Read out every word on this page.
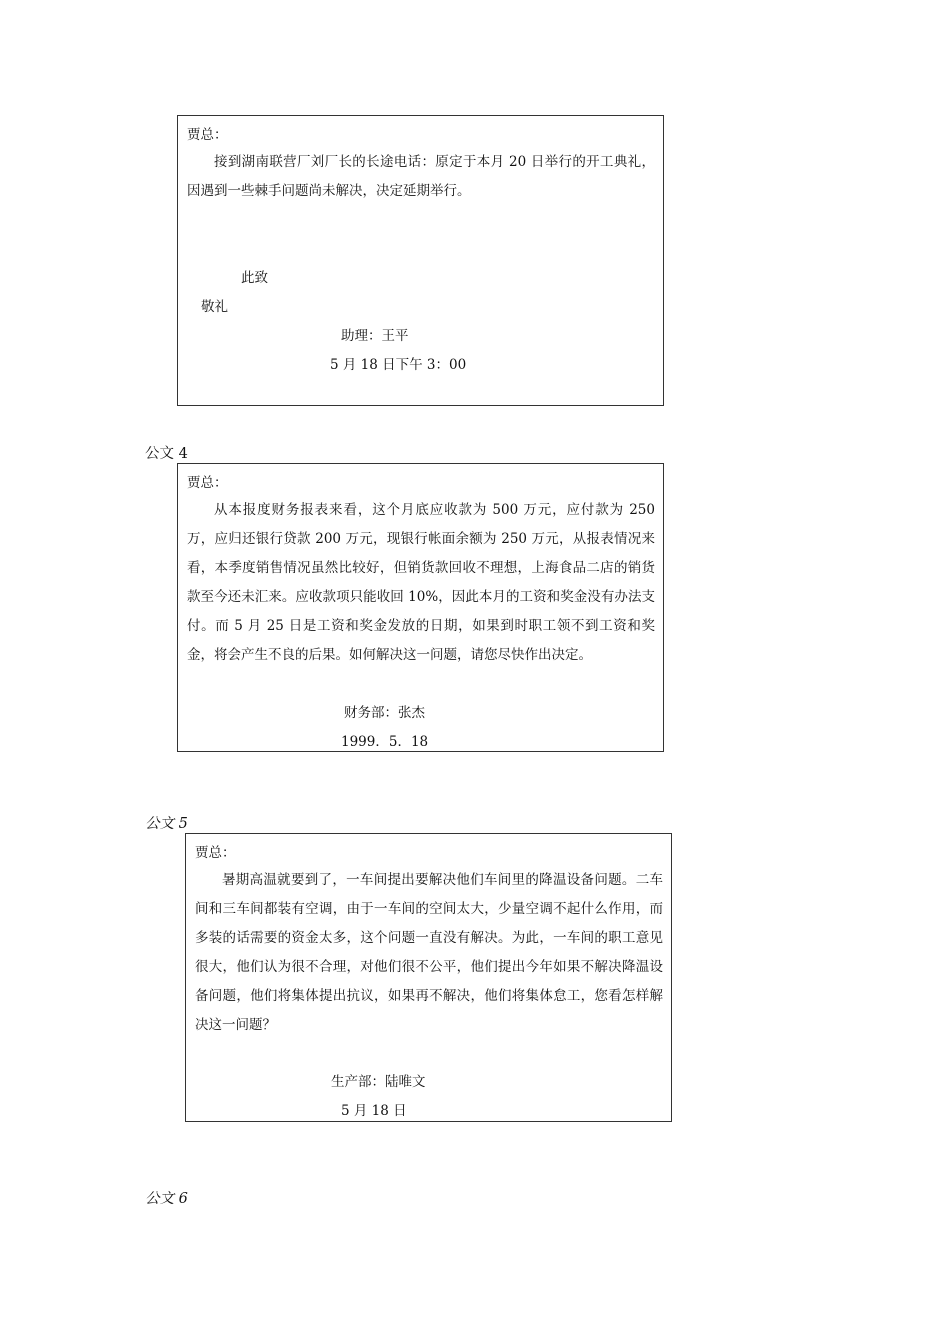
贾总：
接到湖南联营厂刘厂长的长途电话：原定于本月 20 日举行的开工典礼，因遇到一些棘手问题尚未解决，决定延期举行。
此致
敬礼
助理：王平
5 月 18 日下午 3：00
公文 4
贾总：
从本报度财务报表来看，这个月底应收款为 500 万元，应付款为 250 万，应归还银行贷款 200 万元，现银行帐面余额为 250 万元，从报表情况来看，本季度销售情况虽然比较好，但销货款回收不理想，上海食品二店的销货款至今还未汇来。应收款项只能收回 10%，因此本月的工资和奖金没有办法支付。而 5 月 25 日是工资和奖金发放的日期，如果到时职工领不到工资和奖金，将会产生不良的后果。如何解决这一问题，请您尽快作出决定。
财务部：张杰
1999．5．18
公文 5
贾总：
暑期高温就要到了，一车间提出要解决他们车间里的降温设备问题。二车间和三车间都装有空调，由于一车间的空间太大，少量空调不起什么作用，而多装的话需要的资金太多，这个问题一直没有解决。为此，一车间的职工意见很大，他们认为很不合理，对他们很不公平，他们提出今年如果不解决降温设备问题，他们将集体提出抗议，如果再不解决，他们将集体怠工，您看怎样解决这一问题？
生产部：陆唯文
5 月 18 日
公文 6
